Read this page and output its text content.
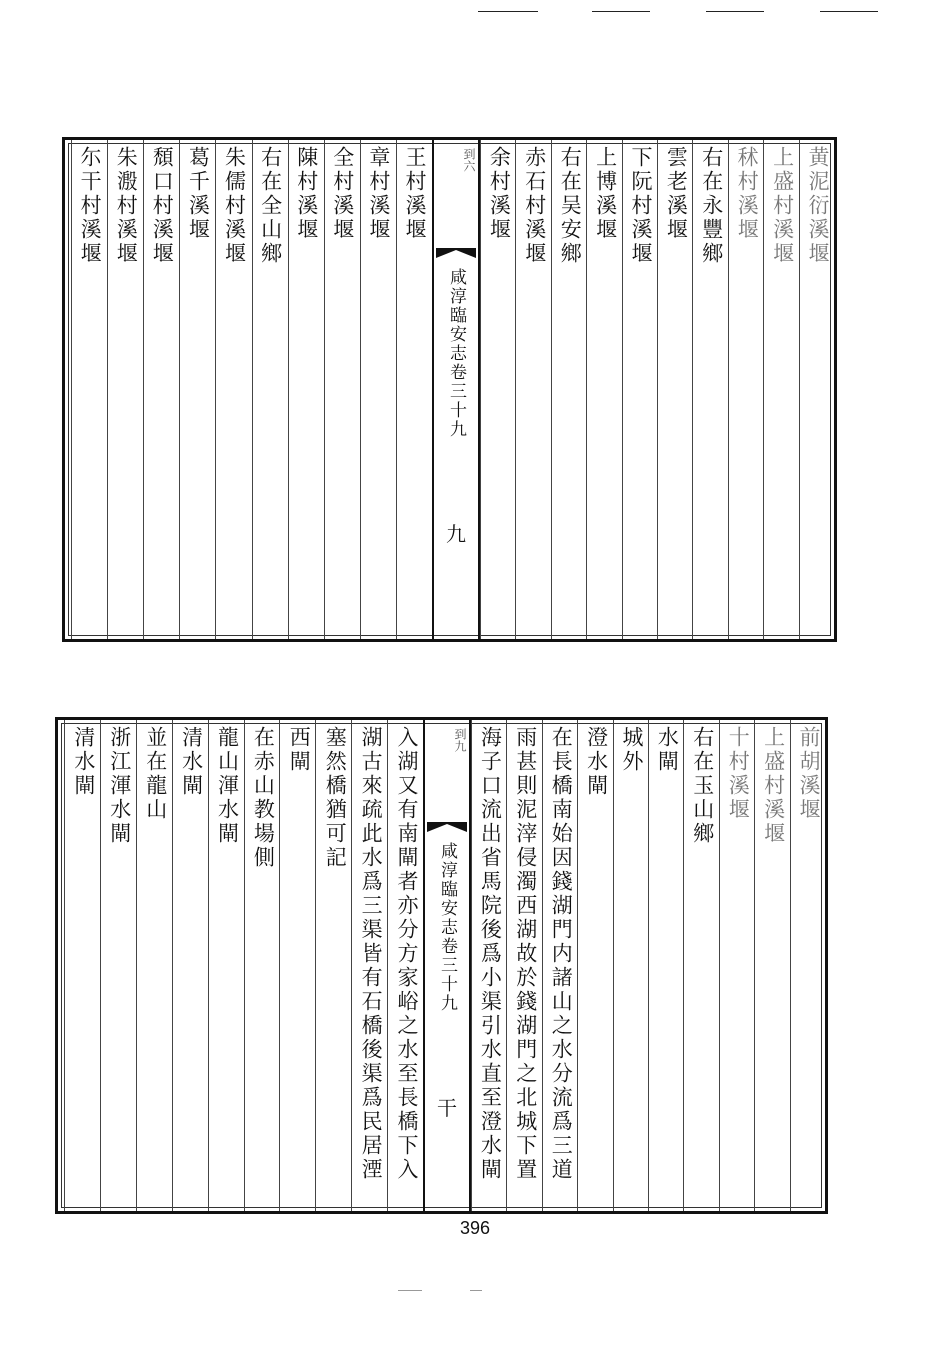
黄泥衍溪堰
上盛村溪堰
秫村溪堰
右在永豐鄉
雲老溪堰
下阮村溪堰
上博溪堰
右在吴安鄉
赤石村溪堰
余村溪堰
王村溪堰
章村溪堰
全村溪堰
陳村溪堰
右在全山鄉
朱儒村溪堰
葛千溪堰
頹口村溪堰
朱溵村溪堰
尓干村溪堰	到六
咸淳臨安志卷三十九
九
前胡溪堰
上盛村溪堰
十村溪堰
右在玉山鄉
水閘
城外
澄水閘
在長橋南始因錢湖門内諸山之水分流爲三道
雨甚則泥滓侵濁西湖故於錢湖門之北城下置
海子口流出省馬院後爲小渠引水直至澄水閘
入湖又有南閘者亦分方家峪之水至長橋下入
湖古來疏此水爲三渠皆有石橋後渠爲民居湮
塞然橋猶可記
西閘
在赤山教場側
龍山渾水閘
清水閘
並在龍山
浙江渾水閘
清水閘	到九
咸淳臨安志卷三十九
干
396
